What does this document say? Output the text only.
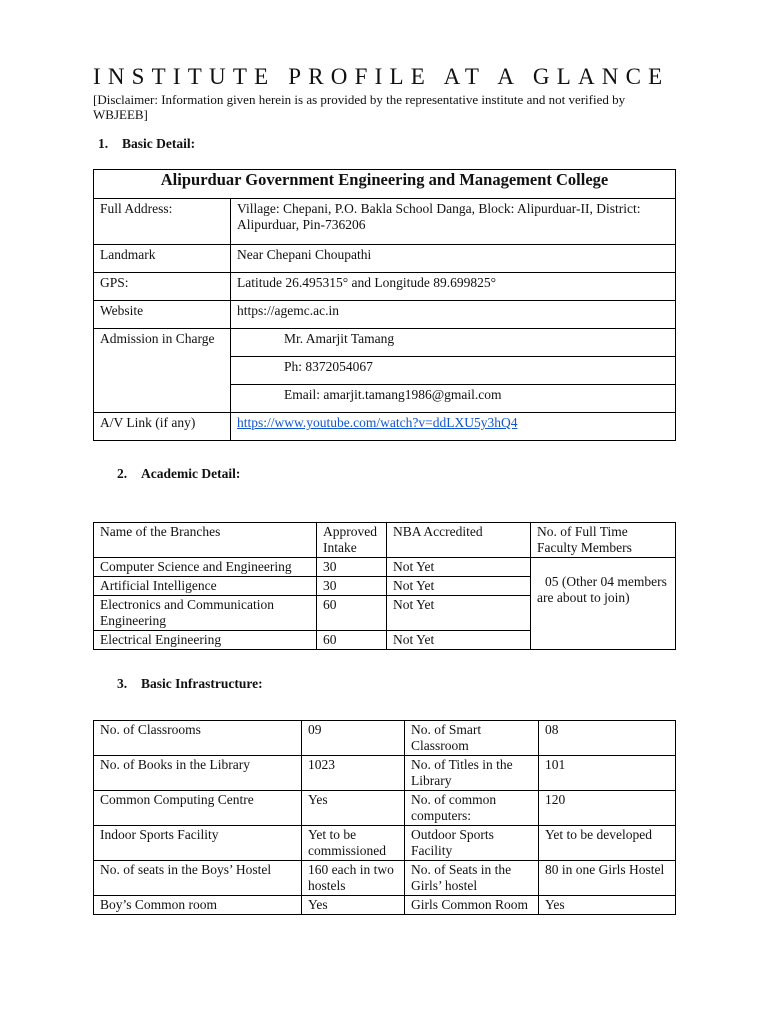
INSTITUTE PROFILE AT A GLANCE
[Disclaimer: Information given herein is as provided by the representative institute and not verified by WBJEEB]
1. Basic Detail:
Alipurduar Government Engineering and Management College	
Full Address:	Village: Chepani, P.O. Bakla School Danga, Block: Alipurduar-II, District: Alipurduar, Pin-736206
Landmark	Near Chepani Choupathi
GPS:	Latitude 26.495315° and Longitude 89.699825°
Website	https://agemc.ac.in
Admission in Charge	Mr. Amarjit Tamang
	Ph: 8372054067
	Email: amarjit.tamang1986@gmail.com
A/V Link (if any)	https://www.youtube.com/watch?v=ddLXU5y3hQ4
2. Academic Detail:
Name of the Branches	Approved Intake	NBA Accredited	No. of Full Time Faculty Members
Computer Science and Engineering	30	Not Yet	05 (Other 04 members are about to join)
Artificial Intelligence	30	Not Yet	
Electronics and Communication Engineering	60	Not Yet	
Electrical Engineering	60	Not Yet	
3. Basic Infrastructure:
No. of Classrooms	09	No. of Smart Classroom	08
No. of Books in the Library	1023	No. of Titles in the Library	101
Common Computing Centre	Yes	No. of common computers:	120
Indoor Sports Facility	Yet to be commissioned	Outdoor Sports Facility	Yet to be developed
No. of seats in the Boys’ Hostel	160 each in two hostels	No. of Seats in the Girls’ hostel	80 in one Girls Hostel
Boy’s Common room	Yes	Girls Common Room	Yes
